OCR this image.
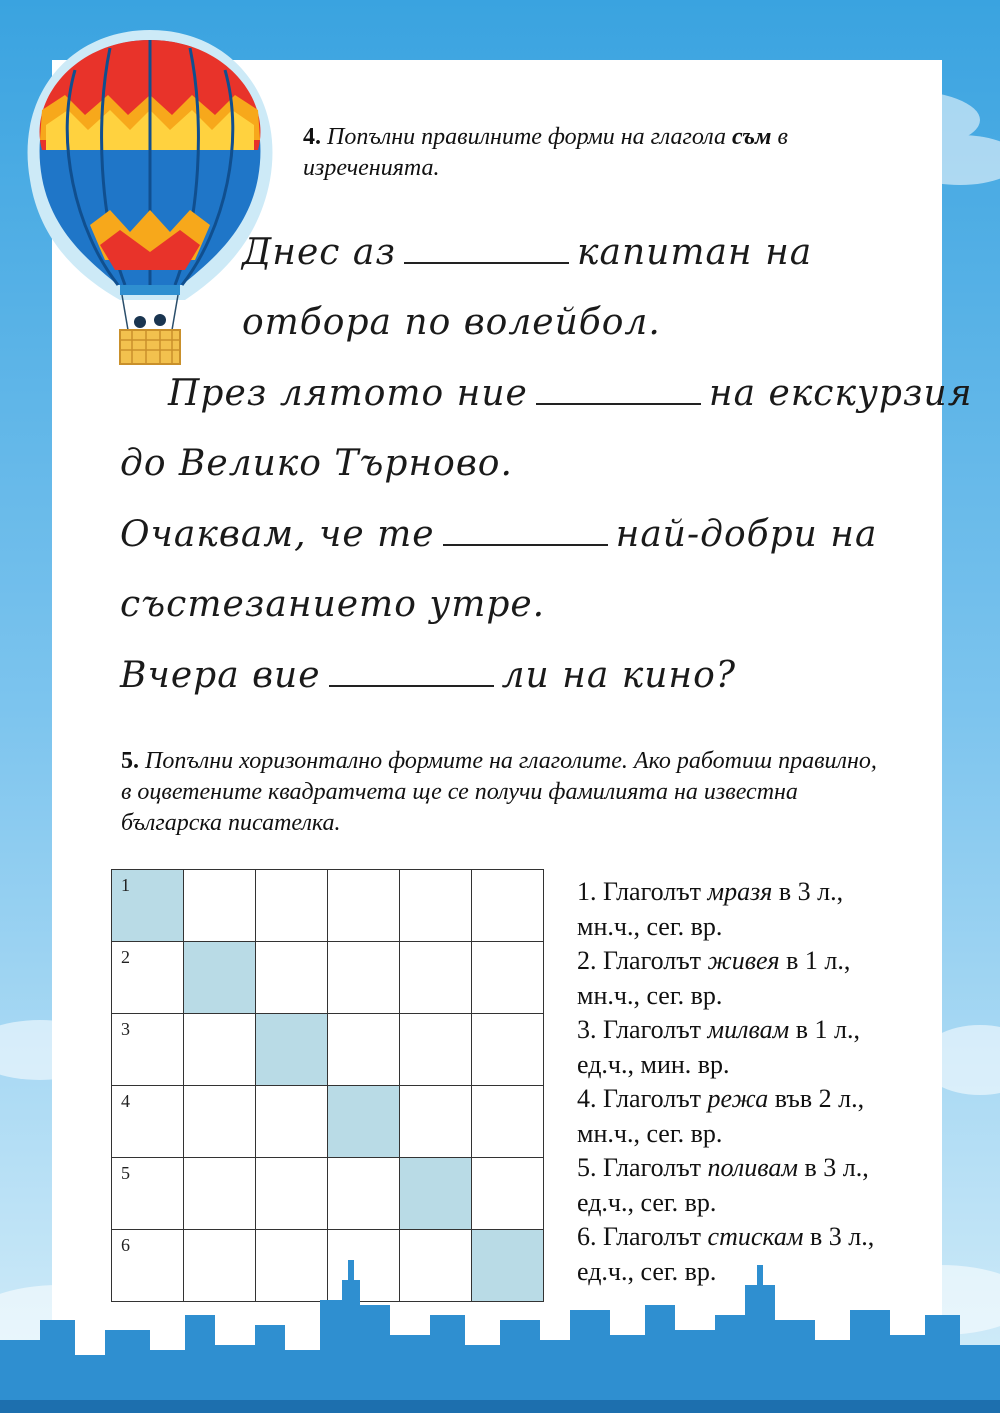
4. Попълни правилните форми на глагола съм в изреченията.
Днес аз	капитан на
отбора по волейбол.
През лятото ние	на екскурзия
до Велико Търново.
Очаквам, че те	най-добри на
състезанието утре.
Вчера вие	ли на кино?
5. Попълни хоризонтално формите на глаголите. Ако работиш правилно, в оцветените квадратчета ще се получи фамилията на известна българска писателка.
1					

2					

3					

4					

5					

6					

1. Глаголът мразя в 3 л.,
мн.ч., сег. вр.
2. Глаголът живея в 1 л.,
мн.ч., сег. вр.
3. Глаголът милвам в 1 л.,
ед.ч., мин. вр.
4. Глаголът режа във 2 л.,
мн.ч., сег. вр.
5. Глаголът поливам в 3 л.,
ед.ч., сег. вр.
6. Глаголът стискам в 3 л.,
ед.ч., сег. вр.
